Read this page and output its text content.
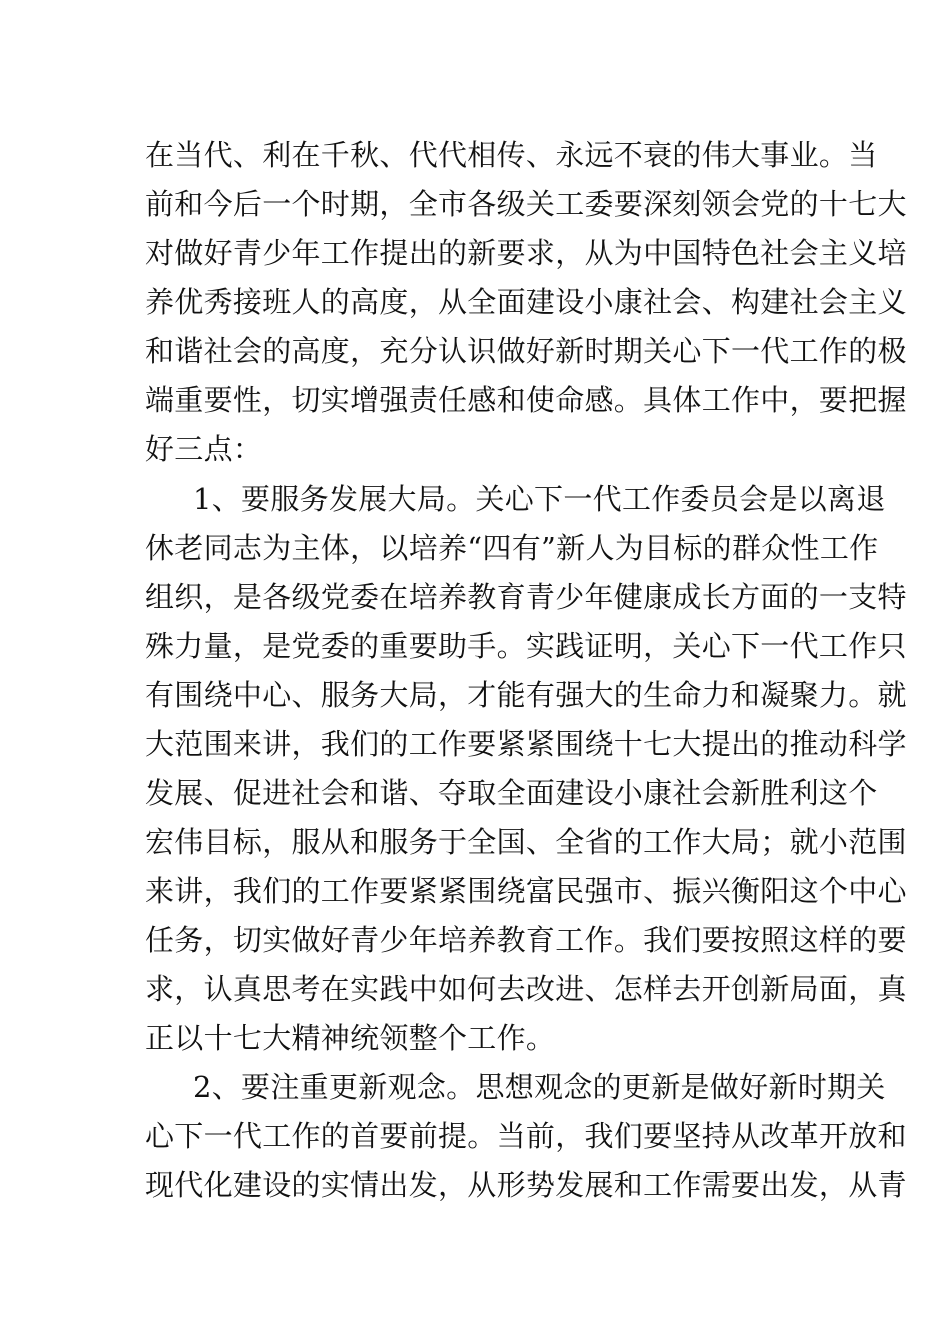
在当代、利在千秋、代代相传、永远不衰的伟大事业。当
前和今后一个时期，全市各级关工委要深刻领会党的十七大
对做好青少年工作提出的新要求，从为中国特色社会主义培
养优秀接班人的高度，从全面建设小康社会、构建社会主义
和谐社会的高度，充分认识做好新时期关心下一代工作的极
端重要性，切实增强责任感和使命感。具体工作中，要把握
好三点：
1、要服务发展大局。关心下一代工作委员会是以离退
休老同志为主体，以培养“四有”新人为目标的群众性工作
组织，是各级党委在培养教育青少年健康成长方面的一支特
殊力量，是党委的重要助手。实践证明，关心下一代工作只
有围绕中心、服务大局，才能有强大的生命力和凝聚力。就
大范围来讲，我们的工作要紧紧围绕十七大提出的推动科学
发展、促进社会和谐、夺取全面建设小康社会新胜利这个
宏伟目标，服从和服务于全国、全省的工作大局；就小范围
来讲，我们的工作要紧紧围绕富民强市、振兴衡阳这个中心
任务，切实做好青少年培养教育工作。我们要按照这样的要
求，认真思考在实践中如何去改进、怎样去开创新局面，真
正以十七大精神统领整个工作。
2、要注重更新观念。思想观念的更新是做好新时期关
心下一代工作的首要前提。当前，我们要坚持从改革开放和
现代化建设的实情出发，从形势发展和工作需要出发，从青
